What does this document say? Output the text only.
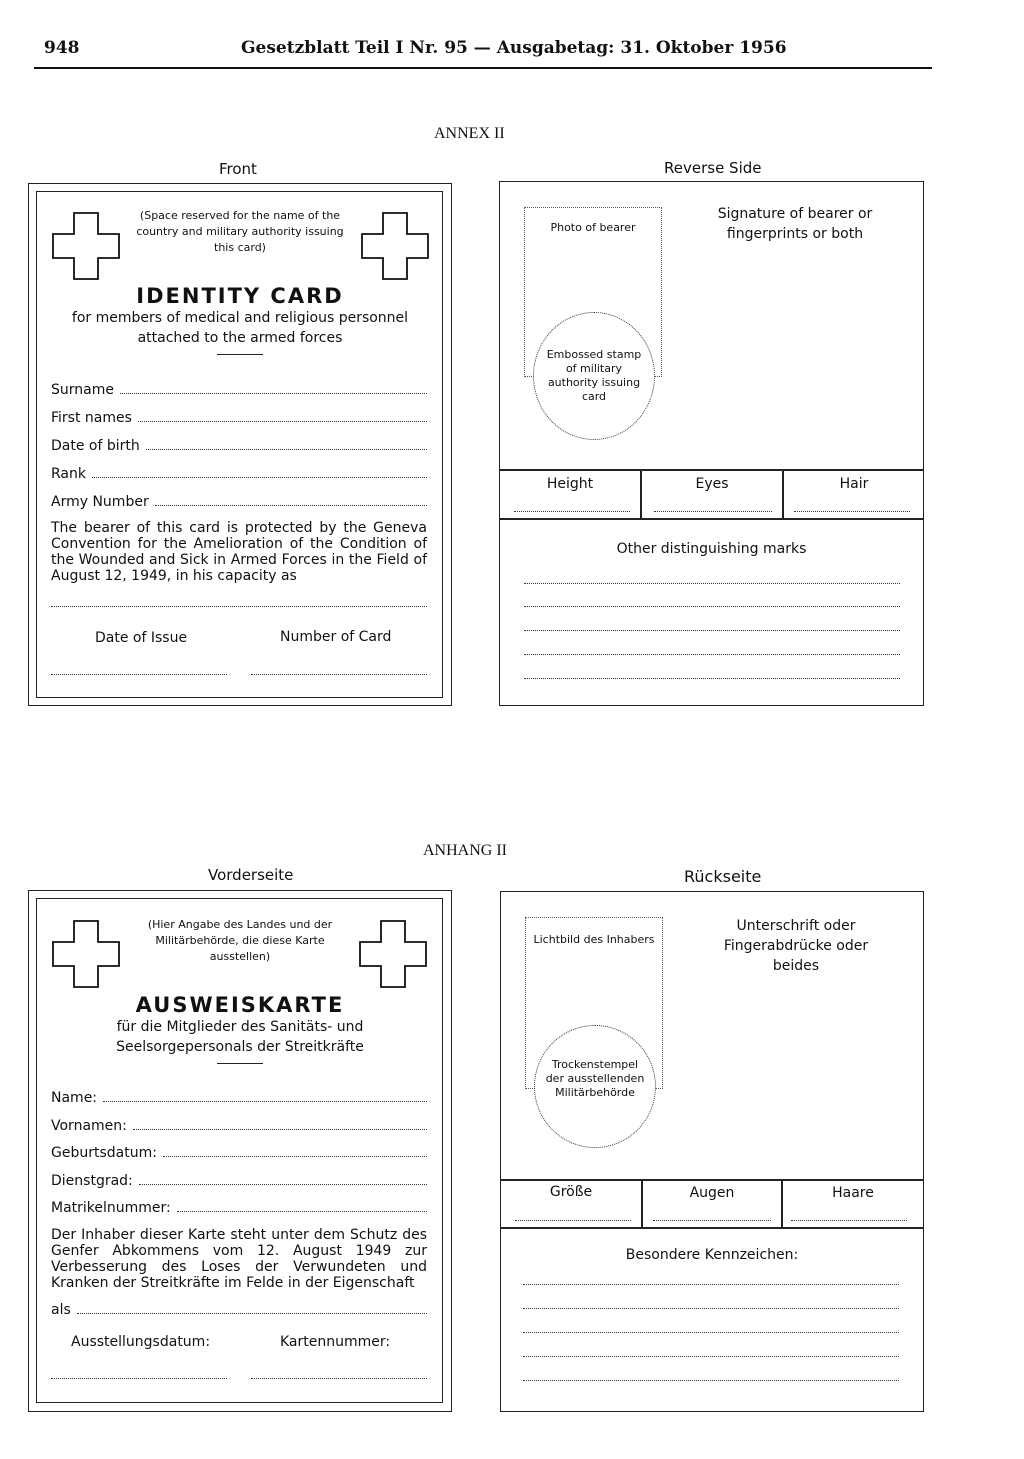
948	Gesetzblatt Teil I Nr. 95 — Ausgabetag: 31. Oktober 1956
ANNEX II
Front	Reverse Side
(Space reserved for the name of the country and military authority issuing this card)
IDENTITY CARD
for members of medical and religious personnel attached to the armed forces
Surname
First names
Date of birth
Rank
Army Number
The bearer of this card is protected by the Geneva Convention for the Amelioration of the Condition of the Wounded and Sick in Armed Forces in the Field of August 12, 1949, in his capacity as
Date of Issue	Number of Card
Photo of bearer
Embossed stamp of military authority issuing card
Signature of bearer or fingerprints or both
Height	Eyes	Hair
Other distinguishing marks
ANHANG II
Vorderseite	Rückseite
(Hier Angabe des Landes und der Militärbehörde, die diese Karte ausstellen)
AUSWEISKARTE
für die Mitglieder des Sanitäts- und Seelsorgepersonals der Streitkräfte
Name:
Vornamen:
Geburtsdatum:
Dienstgrad:
Matrikelnummer:
Der Inhaber dieser Karte steht unter dem Schutz des Genfer Abkommens vom 12. August 1949 zur Verbesserung des Loses der Verwundeten und Kranken der Streitkräfte im Felde in der Eigenschaft
als
Ausstellungsdatum:	Kartennummer:
Lichtbild des Inhabers
Trockenstempel der ausstellenden Militärbehörde
Unterschrift oder Fingerabdrücke oder beides
Größe	Augen	Haare
Besondere Kennzeichen:
